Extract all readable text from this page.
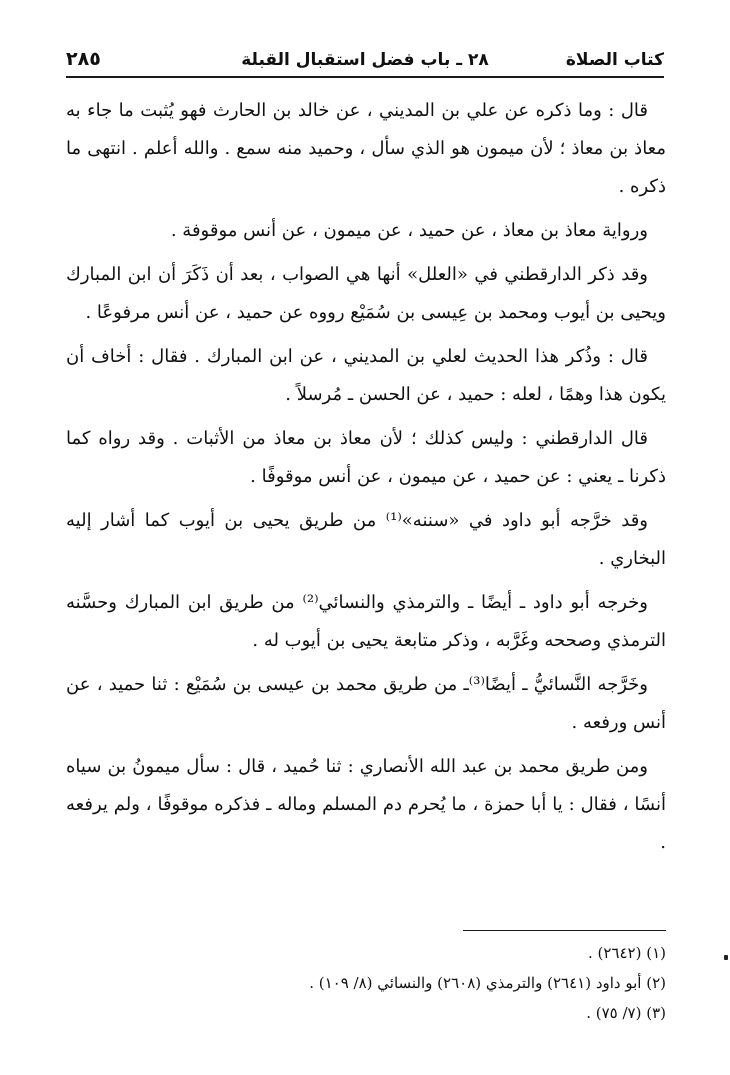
كتاب الصلاة
٢٨ ـ باب فضل استقبال القبلة
٢٨٥

قال : وما ذكره عن علي بن المديني ، عن خالد بن الحارث فهو يُثبت ما جاء به معاذ بن معاذ ؛ لأن ميمون هو الذي سأل ، وحميد منه سمع . والله أعلم . انتهى ما ذكره .

ورواية معاذ بن معاذ ، عن حميد ، عن ميمون ، عن أنس موقوفة .

وقد ذكر الدارقطني في «العلل» أنها هي الصواب ، بعد أن ذَكَرَ أن ابن المبارك ويحيى بن أيوب ومحمد بن عِيسى بن سُمَيْع رووه عن حميد ، عن أنس مرفوعًا .

قال : وذُكر هذا الحديث لعلي بن المديني ، عن ابن المبارك . فقال : أخاف أن يكون هذا وهمًا ، لعله : حميد ، عن الحسن ـ مُرسلاً .

قال الدارقطني : وليس كذلك ؛ لأن معاذ بن معاذ من الأثبات . وقد رواه كما ذكرنا ـ يعني : عن حميد ، عن ميمون ، عن أنس موقوفًا .

وقد خرَّجه أبو داود في «سننه»⁽¹⁾ من طريق يحيى بن أيوب كما أشار إليه البخاري .

وخرجه أبو داود ـ أيضًا ـ والترمذي والنسائي⁽²⁾ من طريق ابن المبارك وحسَّنه الترمذي وصححه وغَرَّبه ، وذكر متابعة يحيى بن أيوب له .

وخَرَّجه النَّسائيُّ ـ أيضًا⁽³⁾ـ من طريق محمد بن عيسى بن سُمَيْع : ثنا حميد ، عن أنس ورفعه .

ومن طريق محمد بن عبد الله الأنصاري : ثنا حُميد ، قال : سأل ميمونُ بن سياه أنسًا ، فقال : يا أبا حمزة ، ما يُحرم دم المسلم وماله ـ فذكره موقوفًا ، ولم يرفعه .

(١) (٢٦٤٢) .
(٢) أبو داود (٢٦٤١) والترمذي (٢٦٠٨) والنسائي (٨/ ١٠٩) .
(٣) (٧/ ٧٥) .
